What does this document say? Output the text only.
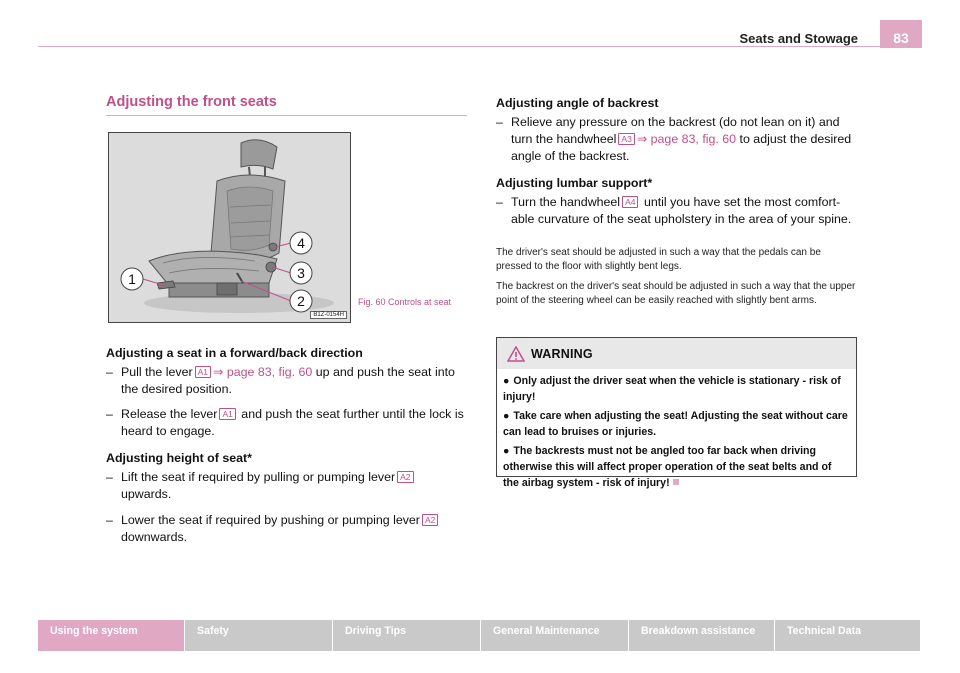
Seats and Stowage	83
Adjusting the front seats
1
2
3
4
B1Z-0154H
Fig. 60 Controls at seat
Adjusting a seat in a forward/back direction
– Pull the lever A1 ⇒ page 83, fig. 60 up and push the seat into the desired position.
– Release the lever A1 and push the seat further until the lock is heard to engage.
Adjusting height of seat*
– Lift the seat if required by pulling or pumping lever A2 upwards.
– Lower the seat if required by pushing or pumping lever A2 downwards.
Adjusting angle of backrest
– Relieve any pressure on the backrest (do not lean on it) and turn the handwheel A3 ⇒ page 83, fig. 60 to adjust the desired angle of the backrest.
Adjusting lumbar support*
– Turn the handwheel A4 until you have set the most comfort-able curvature of the seat upholstery in the area of your spine.
The driver's seat should be adjusted in such a way that the pedals can be pressed to the floor with slightly bent legs.
The backrest on the driver's seat should be adjusted in such a way that the upper point of the steering wheel can be easily reached with slightly bent arms.
WARNING
● Only adjust the driver seat when the vehicle is stationary - risk of injury!
● Take care when adjusting the seat! Adjusting the seat without care can lead to bruises or injuries.
● The backrests must not be angled too far back when driving otherwise this will affect proper operation of the seat belts and of the airbag system - risk of injury!
Using the system	Safety	Driving Tips	General Maintenance	Breakdown assistance	Technical Data
